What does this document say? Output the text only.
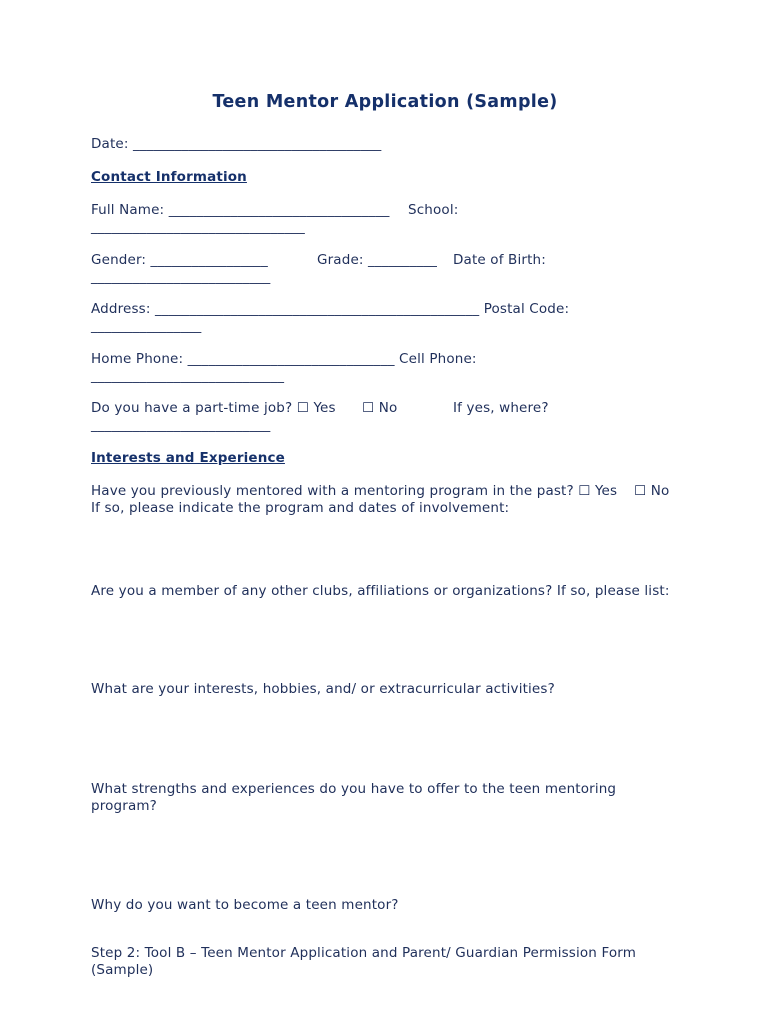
Teen Mentor Application (Sample)
Date: ____________________________________
Contact Information
Full Name: ________________________________ School:
_______________________________
Gender: _________________	Grade: __________ Date of Birth:
__________________________
Address: _______________________________________________ Postal Code:
________________
Home Phone: ______________________________ Cell Phone:
____________________________
Do you have a part-time job? ☐ Yes ☐ No	If yes, where?
__________________________
Interests and Experience
Have you previously mentored with a mentoring program in the past? ☐ Yes ☐ No
If so, please indicate the program and dates of involvement:
Are you a member of any other clubs, affiliations or organizations? If so, please list:
What are your interests, hobbies, and/ or extracurricular activities?
What strengths and experiences do you have to offer to the teen mentoring
program?
Why do you want to become a teen mentor?
Step 2: Tool B – Teen Mentor Application and Parent/ Guardian Permission Form
(Sample)
